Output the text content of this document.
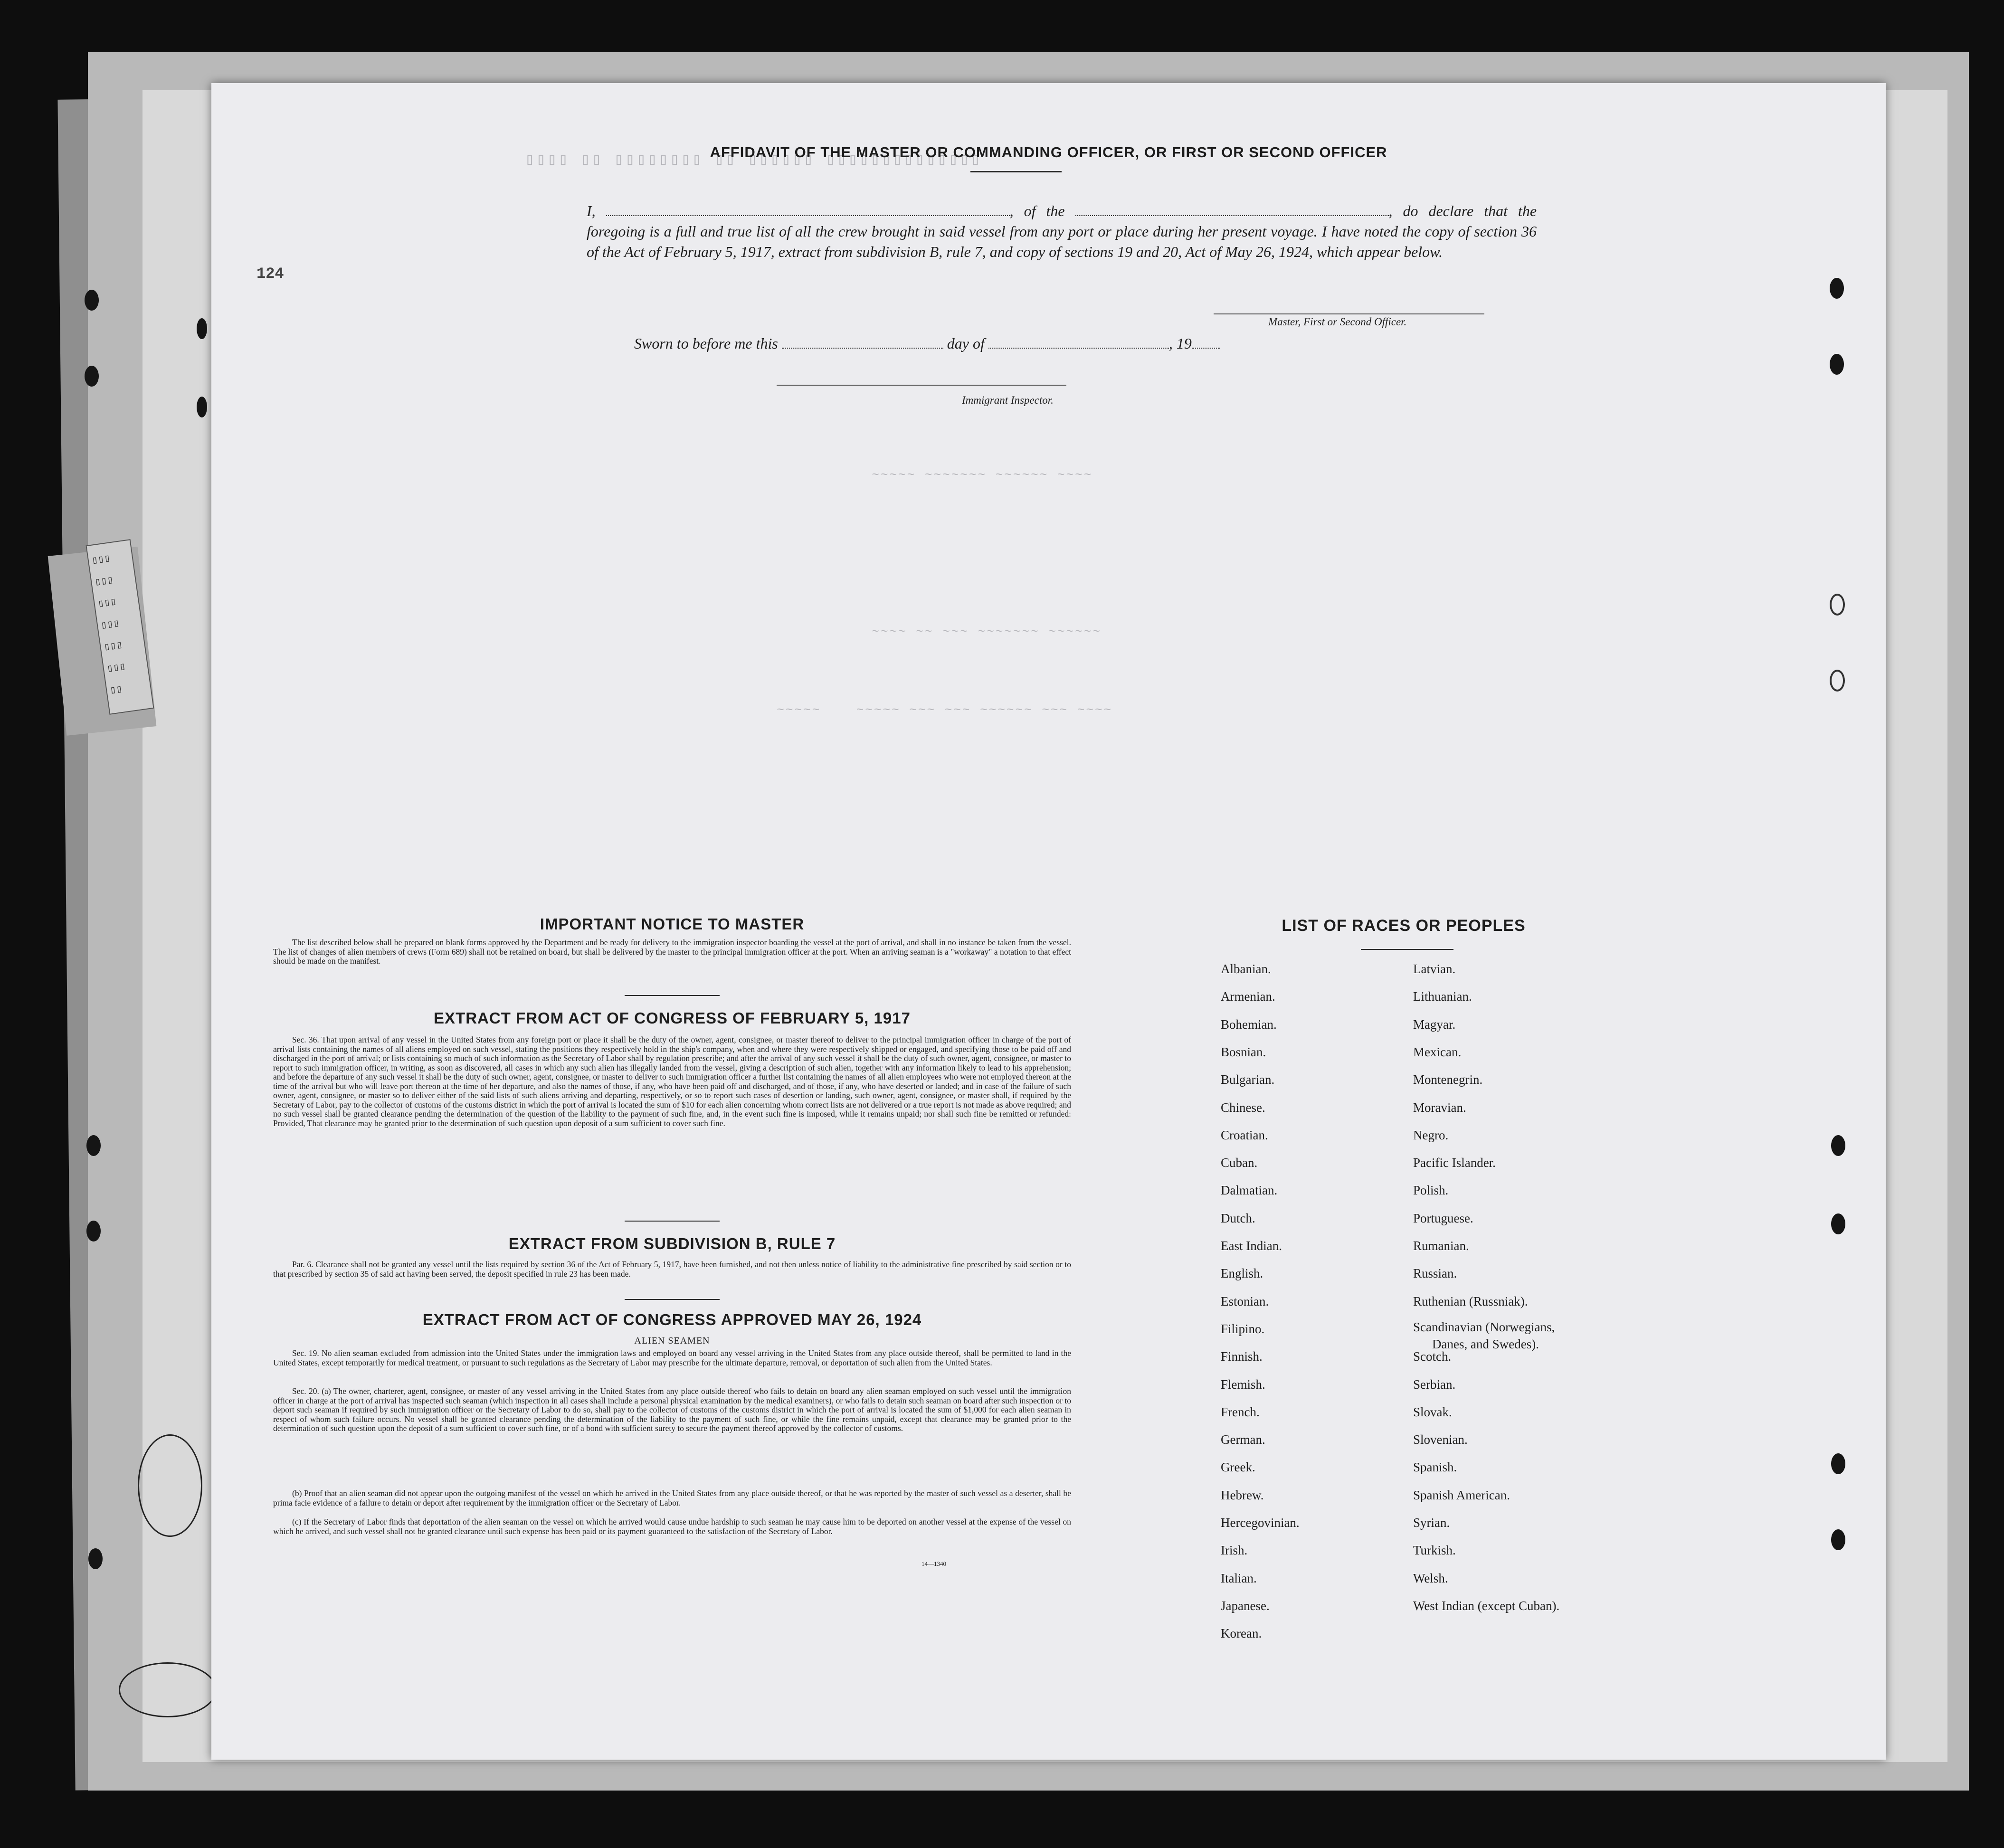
▯▯▯
▯▯▯
▯▯▯
▯▯▯
▯▯▯
▯▯▯
▯▯
▯▯▯▯ ▯▯ ▯▯▯▯▯▯▯▯ ▯▯ ▯▯▯▯▯▯ ▯▯▯▯▯▯▯▯▯▯▯▯▯▯
124
AFFIDAVIT OF THE MASTER OR COMMANDING OFFICER, OR FIRST OR SECOND OFFICER
I,	, of the	, do declare that the foregoing is a full and true list of all the crew brought in said vessel from any port or place during her present voyage. I have noted the copy of section 36 of the Act of February 5, 1917, extract from subdivision B, rule 7, and copy of sections 19 and 20, Act of May 26, 1924, which appear below.
Master, First or Second Officer.
Sworn to before me this	day of	, 19
Immigrant Inspector.
~~~~~ ~~~~~~~ ~~~~~~ ~~~~
~~~~ ~~ ~~~ ~~~~~~~ ~~~~~~
~~~~~    ~~~~~ ~~~ ~~~ ~~~~~~ ~~~ ~~~~
IMPORTANT NOTICE TO MASTER
The list described below shall be prepared on blank forms approved by the Department and be ready for delivery to the immigration inspector boarding the vessel at the port of arrival, and shall in no instance be taken from the vessel. The list of changes of alien members of crews (Form 689) shall not be retained on board, but shall be delivered by the master to the principal immigration officer at the port. When an arriving seaman is a "workaway" a notation to that effect should be made on the manifest.
EXTRACT FROM ACT OF CONGRESS OF FEBRUARY 5, 1917
Sec. 36. That upon arrival of any vessel in the United States from any foreign port or place it shall be the duty of the owner, agent, consignee, or master thereof to deliver to the principal immigration officer in charge of the port of arrival lists containing the names of all aliens employed on such vessel, stating the positions they respectively hold in the ship's company, when and where they were respectively shipped or engaged, and specifying those to be paid off and discharged in the port of arrival; or lists containing so much of such information as the Secretary of Labor shall by regulation prescribe; and after the arrival of any such vessel it shall be the duty of such owner, agent, consignee, or master to report to such immigration officer, in writing, as soon as discovered, all cases in which any such alien has illegally landed from the vessel, giving a description of such alien, together with any information likely to lead to his apprehension; and before the departure of any such vessel it shall be the duty of such owner, agent, consignee, or master to deliver to such immigration officer a further list containing the names of all alien employees who were not employed thereon at the time of the arrival but who will leave port thereon at the time of her departure, and also the names of those, if any, who have been paid off and discharged, and of those, if any, who have deserted or landed; and in case of the failure of such owner, agent, consignee, or master so to deliver either of the said lists of such aliens arriving and departing, respectively, or so to report such cases of desertion or landing, such owner, agent, consignee, or master shall, if required by the Secretary of Labor, pay to the collector of customs of the customs district in which the port of arrival is located the sum of $10 for each alien concerning whom correct lists are not delivered or a true report is not made as above required; and no such vessel shall be granted clearance pending the determination of the question of the liability to the payment of such fine, and, in the event such fine is imposed, while it remains unpaid; nor shall such fine be remitted or refunded: Provided, That clearance may be granted prior to the determination of such question upon deposit of a sum sufficient to cover such fine.
EXTRACT FROM SUBDIVISION B, RULE 7
Par. 6. Clearance shall not be granted any vessel until the lists required by section 36 of the Act of February 5, 1917, have been furnished, and not then unless notice of liability to the administrative fine prescribed by said section or to that prescribed by section 35 of said act having been served, the deposit specified in rule 23 has been made.
EXTRACT FROM ACT OF CONGRESS APPROVED MAY 26, 1924
ALIEN SEAMEN
Sec. 19. No alien seaman excluded from admission into the United States under the immigration laws and employed on board any vessel arriving in the United States from any place outside thereof, shall be permitted to land in the United States, except temporarily for medical treatment, or pursuant to such regulations as the Secretary of Labor may prescribe for the ultimate departure, removal, or deportation of such alien from the United States.
Sec. 20. (a) The owner, charterer, agent, consignee, or master of any vessel arriving in the United States from any place outside thereof who fails to detain on board any alien seaman employed on such vessel until the immigration officer in charge at the port of arrival has inspected such seaman (which inspection in all cases shall include a personal physical examination by the medical examiners), or who fails to detain such seaman on board after such inspection or to deport such seaman if required by such immigration officer or the Secretary of Labor to do so, shall pay to the collector of customs of the customs district in which the port of arrival is located the sum of $1,000 for each alien seaman in respect of whom such failure occurs. No vessel shall be granted clearance pending the determination of the liability to the payment of such fine, or while the fine remains unpaid, except that clearance may be granted prior to the determination of such question upon the deposit of a sum sufficient to cover such fine, or of a bond with sufficient surety to secure the payment thereof approved by the collector of customs.
(b) Proof that an alien seaman did not appear upon the outgoing manifest of the vessel on which he arrived in the United States from any place outside thereof, or that he was reported by the master of such vessel as a deserter, shall be prima facie evidence of a failure to detain or deport after requirement by the immigration officer or the Secretary of Labor.
(c) If the Secretary of Labor finds that deportation of the alien seaman on the vessel on which he arrived would cause undue hardship to such seaman he may cause him to be deported on another vessel at the expense of the vessel on which he arrived, and such vessel shall not be granted clearance until such expense has been paid or its payment guaranteed to the satisfaction of the Secretary of Labor.
14—1340
LIST OF RACES OR PEOPLES
Albanian.
Armenian.
Bohemian.
Bosnian.
Bulgarian.
Chinese.
Croatian.
Cuban.
Dalmatian.
Dutch.
East Indian.
English.
Estonian.
Filipino.
Finnish.
Flemish.
French.
German.
Greek.
Hebrew.
Hercegovinian.
Irish.
Italian.
Japanese.
Korean.
Latvian.
Lithuanian.
Magyar.
Mexican.
Montenegrin.
Moravian.
Negro.
Pacific Islander.
Polish.
Portuguese.
Rumanian.
Russian.
Ruthenian (Russniak).
Scandinavian (Norwegians,
Danes, and Swedes).
Scotch.
Serbian.
Slovak.
Slovenian.
Spanish.
Spanish American.
Syrian.
Turkish.
Welsh.
West Indian (except Cuban).
